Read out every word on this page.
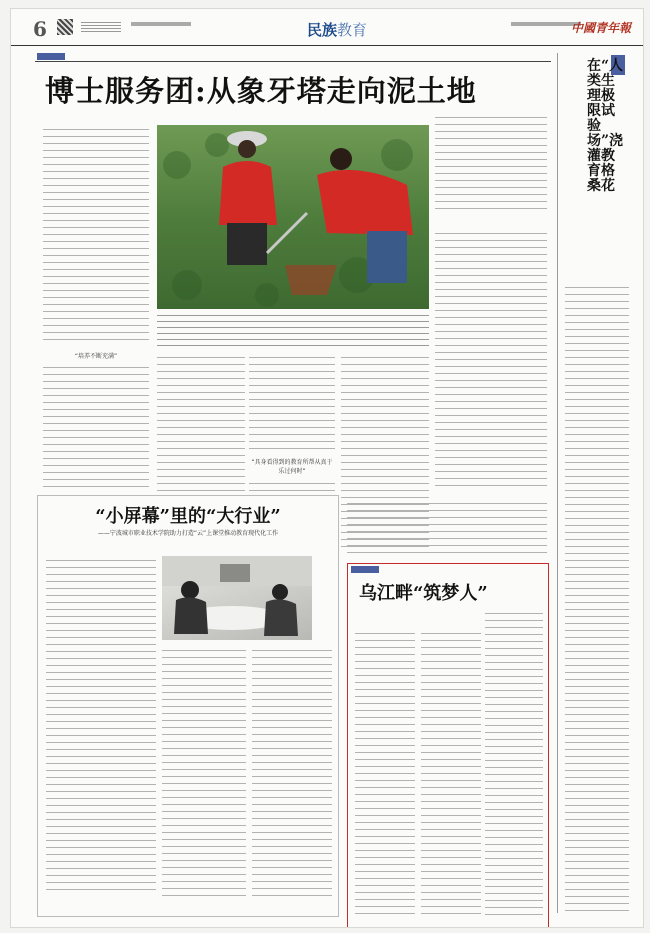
6	民族教育	中國青年報
博士服务团:从象牙塔走向泥土地
“培养不断充满”
“具身看得到的教育所帮从真于乐过何时”
在“人类生理极限试验场”浇灌教育格桑花
“小屏幕”里的“大行业”
——宁波城市职业技术学院助力打造“云”上课堂推动教育现代化工作
乌江畔“筑梦人”
